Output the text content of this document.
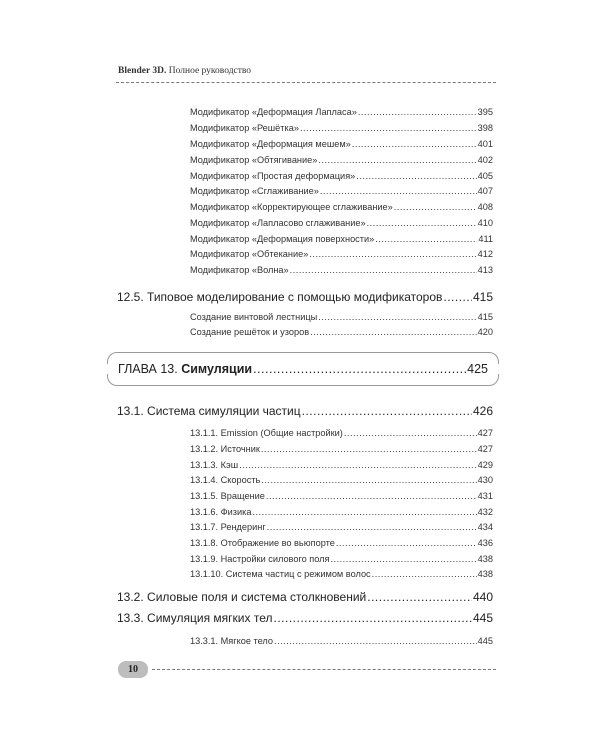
Blender 3D. Полное руководство
Модификатор «Деформация Лапласа» .....	395
Модификатор «Решётка» .....	398
Модификатор «Деформация мешем» .....	401
Модификатор «Обтягивание» .....	402
Модификатор «Простая деформация» .....	405
Модификатор «Сглаживание» .....	407
Модификатор «Корректирующее сглаживание» .....	408
Модификатор «Лапласово сглаживание» .....	410
Модификатор «Деформация поверхности» .....	411
Модификатор «Обтекание» .....	412
Модификатор «Волна» .....	413
12.5. Типовое моделирование с помощью модификаторов .....	415
Создание винтовой лестницы .....	415
Создание решёток и узоров .....	420
ГЛАВА 13. Симуляции .....	425
13.1. Система симуляции частиц .....	426
13.1.1. Emission (Общие настройки) .....	427
13.1.2. Источник .....	427
13.1.3. Кэш .....	429
13.1.4. Скорость .....	430
13.1.5. Вращение .....	431
13.1.6. Физика .....	432
13.1.7. Рендеринг .....	434
13.1.8. Отображение во вьюпорте .....	436
13.1.9. Настройки силового поля .....	438
13.1.10. Система частиц с режимом волос .....	438
13.2. Силовые поля и система столкновений .....	440
13.3. Симуляция мягких тел .....	445
13.3.1. Мягкое тело .....	445
10
